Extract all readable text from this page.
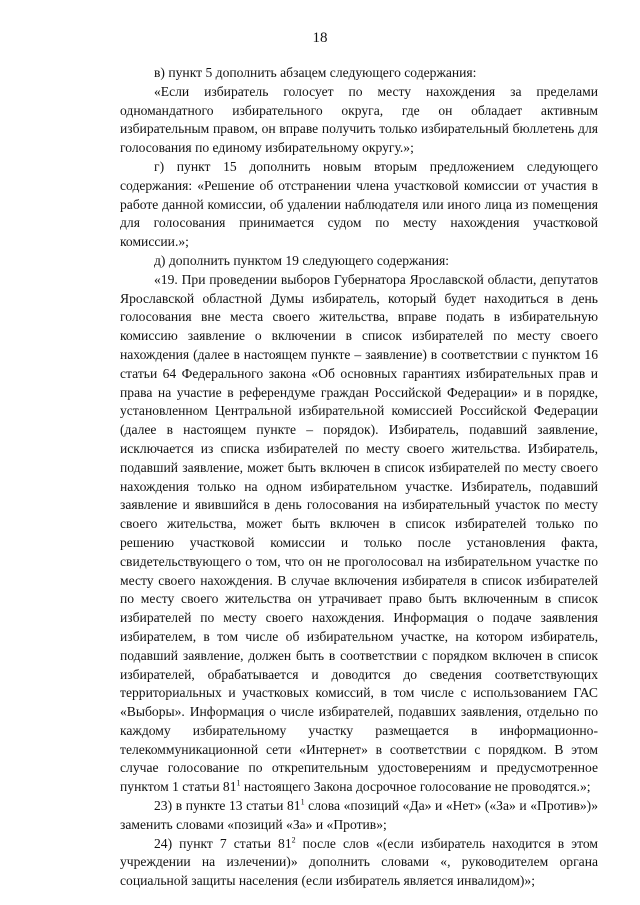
18

в) пункт 5 дополнить абзацем следующего содержания:

«Если избиратель голосует по месту нахождения за пределами одномандатного избирательного округа, где он обладает активным избирательным правом, он вправе получить только избирательный бюллетень для голосования по единому избирательному округу.»;

г) пункт 15 дополнить новым вторым предложением следующего содержания: «Решение об отстранении члена участковой комиссии от участия в работе данной комиссии, об удалении наблюдателя или иного лица из помещения для голосования принимается судом по месту нахождения участковой комиссии.»;

д) дополнить пунктом 19 следующего содержания:

«19. При проведении выборов Губернатора Ярославской области, депутатов Ярославской областной Думы избиратель, который будет находиться в день голосования вне места своего жительства, вправе подать в избирательную комиссию заявление о включении в список избирателей по месту своего нахождения (далее в настоящем пункте – заявление) в соответствии с пунктом 16 статьи 64 Федерального закона «Об основных гарантиях избирательных прав и права на участие в референдуме граждан Российской Федерации» и в порядке, установленном Центральной избирательной комиссией Российской Федерации (далее в настоящем пункте – порядок). Избиратель, подавший заявление, исключается из списка избирателей по месту своего жительства. Избиратель, подавший заявление, может быть включен в список избирателей по месту своего нахождения только на одном избирательном участке. Избиратель, подавший заявление и явившийся в день голосования на избирательный участок по месту своего жительства, может быть включен в список избирателей только по решению участковой комиссии и только после установления факта, свидетельствующего о том, что он не проголосовал на избирательном участке по месту своего нахождения. В случае включения избирателя в список избирателей по месту своего жительства он утрачивает право быть включенным в список избирателей по месту своего нахождения. Информация о подаче заявления избирателем, в том числе об избирательном участке, на котором избиратель, подавший заявление, должен быть в соответствии с порядком включен в список избирателей, обрабатывается и доводится до сведения соответствующих территориальных и участковых комиссий, в том числе с использованием ГАС «Выборы». Информация о числе избирателей, подавших заявления, отдельно по каждому избирательному участку размещается в информационно-телекоммуникационной сети «Интернет» в соответствии с порядком. В этом случае голосование по открепительным удостоверениям и предусмотренное пунктом 1 статьи $81^1$ настоящего Закона досрочное голосование не проводятся.»;

23) в пункте 13 статьи $81^1$ слова «позиций «Да» и «Нет» («За» и «Против»)» заменить словами «позиций «За» и «Против»;

24) пункт 7 статьи $81^2$ после слов «(если избиратель находится в этом учреждении на излечении)» дополнить словами «, руководителем органа социальной защиты населения (если избиратель является инвалидом)»;
